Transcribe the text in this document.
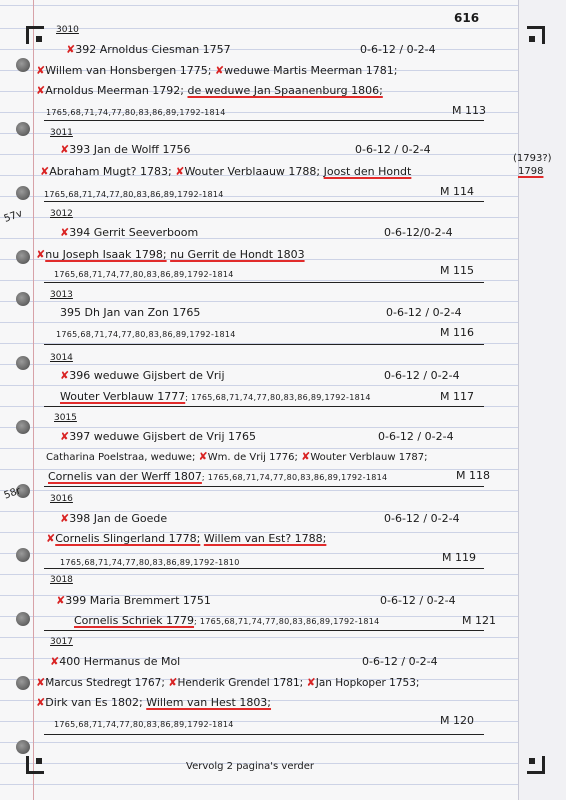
616
57v
58r
3010
✘392 Arnoldus Ciesman 1757	0-6-12 / 0-2-4
✘Willem van Honsbergen 1775; ✘weduwe Martis Meerman 1781;
✘Arnoldus Meerman 1792; de weduwe Jan Spaanenburg 1806;
1765,68,71,74,77,80,83,86,89,1792-1814	M 113
3011
✘393 Jan de Wolff 1756	0-6-12 / 0-2-4
✘Abraham Mugt? 1783; ✘Wouter Verblaauw 1788; Joost den Hondt
(1793?)
1798
1765,68,71,74,77,80,83,86,89,1792-1814	M 114
3012
✘394 Gerrit Seeverboom	0-6-12/0-2-4
✘nu Joseph Isaak 1798; nu Gerrit de Hondt 1803
1765,68,71,74,77,80,83,86,89,1792-1814	M 115
3013
395 Dh Jan van Zon 1765	0-6-12 / 0-2-4
1765,68,71,74,77,80,83,86,89,1792-1814	M 116
3014
✘396 weduwe Gijsbert de Vrij	0-6-12 / 0-2-4
Wouter Verblauw 1777; 1765,68,71,74,77,80,83,86,89,1792-1814	M 117
3015
✘397 weduwe Gijsbert de Vrij 1765	0-6-12 / 0-2-4
Catharina Poelstraa, weduwe; ✘Wm. de Vrij 1776; ✘Wouter Verblauw 1787;
Cornelis van der Werff 1807; 1765,68,71,74,77,80,83,86,89,1792-1814	M 118
3016
✘398 Jan de Goede	0-6-12 / 0-2-4
✘Cornelis Slingerland 1778; Willem van Est? 1788;
1765,68,71,74,77,80,83,86,89,1792-1810	M 119
3018
✘399 Maria Bremmert 1751	0-6-12 / 0-2-4
Cornelis Schriek 1779; 1765,68,71,74,77,80,83,86,89,1792-1814	M 121
3017
✘400 Hermanus de Mol	0-6-12 / 0-2-4
✘Marcus Stedregt 1767; ✘Henderik Grendel 1781; ✘Jan Hopkoper 1753;
✘Dirk van Es 1802; Willem van Hest 1803;
1765,68,71,74,77,80,83,86,89,1792-1814	M 120
Vervolg 2 pagina's verder
